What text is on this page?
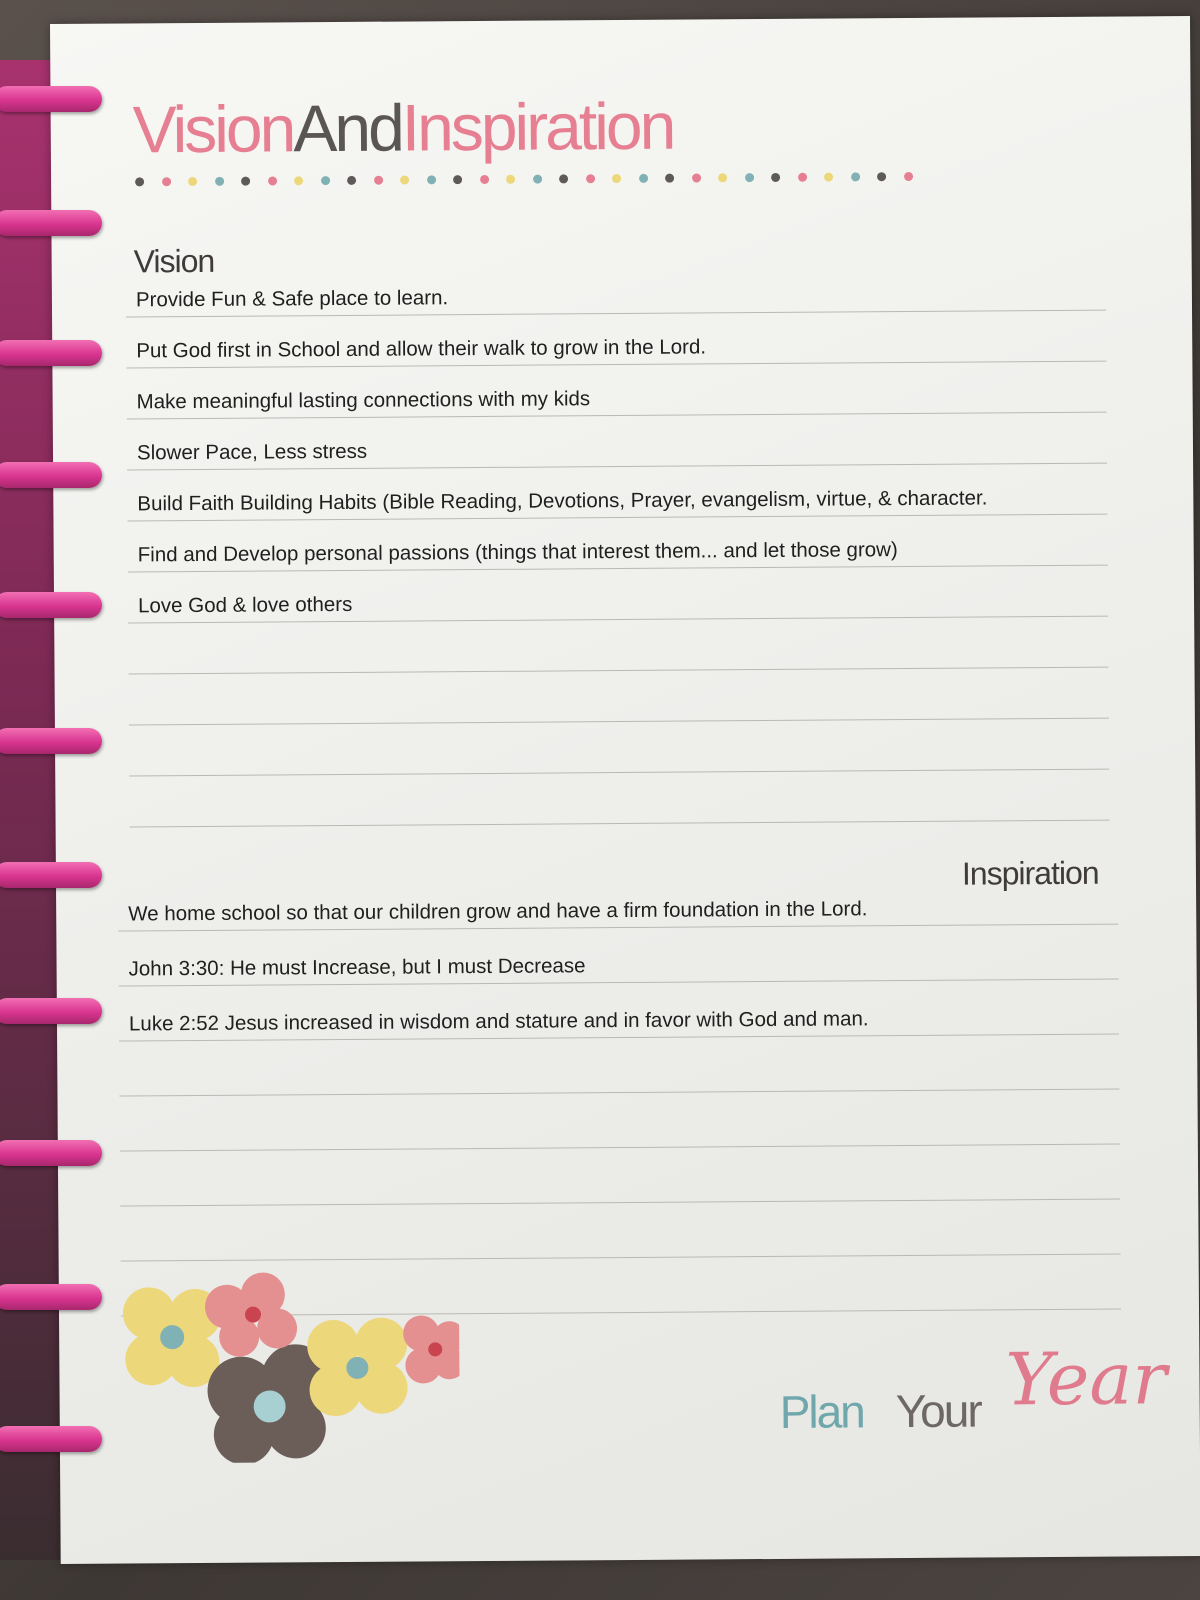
VisionAndInspiration
Vision
Provide Fun & Safe place to learn.
Put God first in School and allow their walk to grow in the Lord.
Make meaningful lasting connections with my kids
Slower Pace, Less stress
Build Faith Building Habits (Bible Reading, Devotions, Prayer, evangelism, virtue, & character.
Find and Develop personal passions (things that interest them... and let those grow)
Love God & love others
Inspiration
We home school so that our children grow and have a firm foundation in the Lord.
John 3:30: He must Increase, but I must Decrease
Luke 2:52 Jesus increased in wisdom and stature and in favor with God and man.
Plan Your Year
